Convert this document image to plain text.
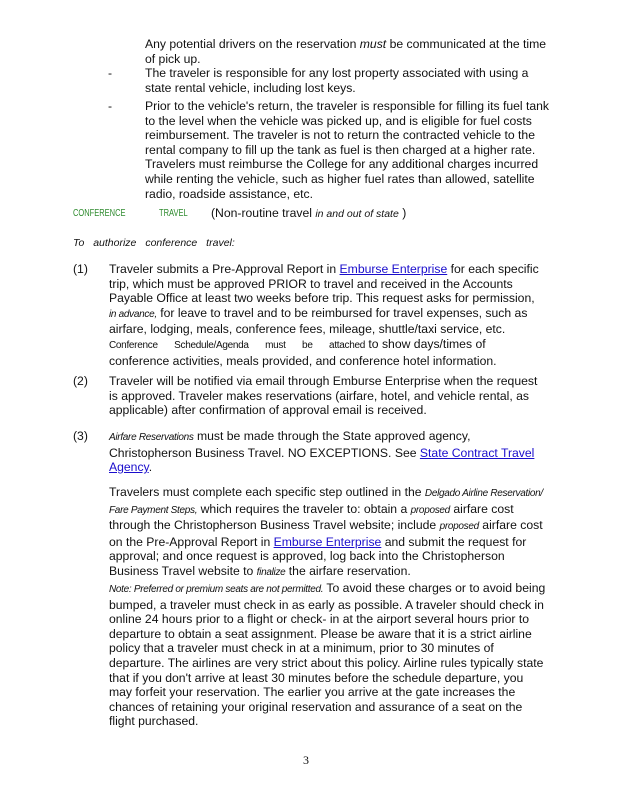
Any potential drivers on the reservation must be communicated at the time
of pick up.
-	The traveler is responsible for any lost property associated with using a state rental vehicle, including lost keys.
-	Prior to the vehicle's return, the traveler is responsible for filling its fuel tank to the level when the vehicle was picked up, and is eligible for fuel costs reimbursement. The traveler is not to return the contracted vehicle to the rental company to fill up the tank as fuel is then charged at a higher rate. Travelers must reimburse the College for any additional charges incurred while renting the vehicle, such as higher fuel rates than allowed, satellite radio, roadside assistance, etc.
CONFERENCE	TRAVEL (Non-routine travel in and out of state )
To authorize conference travel:
(1) Traveler submits a Pre-Approval Report in Emburse Enterprise for each specific trip, which must be approved PRIOR to travel and received in the Accounts Payable Office at least two weeks before trip. This request asks for permission, in advance, for leave to travel and to be reimbursed for travel expenses, such as airfare, lodging, meals, conference fees, mileage, shuttle/taxi service, etc. Conference Schedule/Agenda must be attached to show days/times of conference activities, meals provided, and conference hotel information.
(2) Traveler will be notified via email through Emburse Enterprise when the request is approved. Traveler makes reservations (airfare, hotel, and vehicle rental, as applicable) after confirmation of approval email is received.
(3) Airfare Reservations must be made through the State approved agency, Christopherson Business Travel. NO EXCEPTIONS. See State Contract Travel Agency.
Travelers must complete each specific step outlined in the Delgado Airline Reservation/ Fare Payment Steps, which requires the traveler to: obtain a proposed airfare cost through the Christopherson Business Travel website; include proposed airfare cost on the Pre-Approval Report in Emburse Enterprise and submit the request for approval; and once request is approved, log back into the Christopherson Business Travel website to finalize the airfare reservation.
Note: Preferred or premium seats are not permitted. To avoid these charges or to avoid being bumped, a traveler must check in as early as possible. A traveler should check in online 24 hours prior to a flight or check- in at the airport several hours prior to departure to obtain a seat assignment. Please be aware that it is a strict airline policy that a traveler must check in at a minimum, prior to 30 minutes of departure. The airlines are very strict about this policy. Airline rules typically state that if you don't arrive at least 30 minutes before the schedule departure, you may forfeit your reservation. The earlier you arrive at the gate increases the chances of retaining your original reservation and assurance of a seat on the flight purchased.
3
